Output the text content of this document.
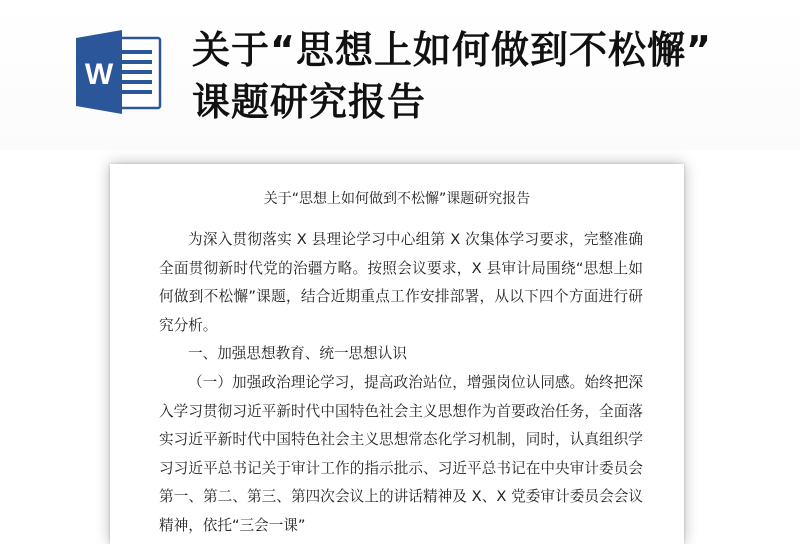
W
关于“思想上如何做到不松懈”
课题研究报告
关于“思想上如何做到不松懈”课题研究报告

为深入贯彻落实 X 县理论学习中心组第 X 次集体学习要求，完整准确全面贯彻新时代党的治疆方略。按照会议要求，X 县审计局围绕“思想上如何做到不松懈”课题，结合近期重点工作安排部署，从以下四个方面进行研究分析。

一、加强思想教育、统一思想认识

（一）加强政治理论学习，提高政治站位，增强岗位认同感。始终把深入学习贯彻习近平新时代中国特色社会主义思想作为首要政治任务，全面落实习近平新时代中国特色社会主义思想常态化学习机制，同时，认真组织学习习近平总书记关于审计工作的指示批示、习近平总书记在中央审计委员会第一、第二、第三、第四次会议上的讲话精神及 X、X 党委审计委员会会议精神，依托“三会一课”
